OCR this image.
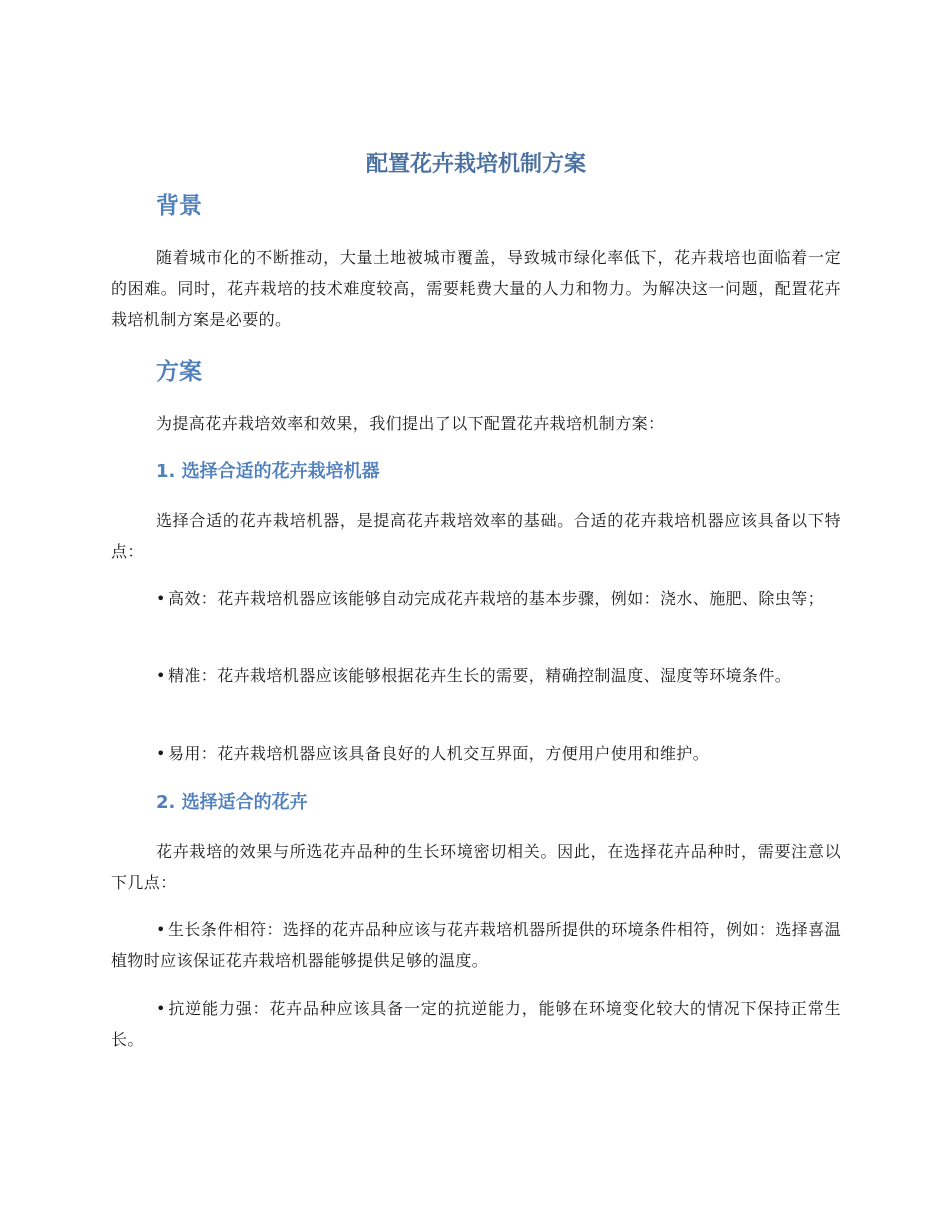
配置花卉栽培机制方案
背景

随着城市化的不断推动，大量土地被城市覆盖，导致城市绿化率低下，花卉栽培也面临着一定的困难。同时，花卉栽培的技术难度较高，需要耗费大量的人力和物力。为解决这一问题，配置花卉栽培机制方案是必要的。

方案

为提高花卉栽培效率和效果，我们提出了以下配置花卉栽培机制方案：

1. 选择合适的花卉栽培机器

选择合适的花卉栽培机器，是提高花卉栽培效率的基础。合适的花卉栽培机器应该具备以下特点：

• 高效：花卉栽培机器应该能够自动完成花卉栽培的基本步骤，例如：浇水、施肥、除虫等；

• 精准：花卉栽培机器应该能够根据花卉生长的需要，精确控制温度、湿度等环境条件。

• 易用：花卉栽培机器应该具备良好的人机交互界面，方便用户使用和维护。

2. 选择适合的花卉

花卉栽培的效果与所选花卉品种的生长环境密切相关。因此，在选择花卉品种时，需要注意以下几点：

• 生长条件相符：选择的花卉品种应该与花卉栽培机器所提供的环境条件相符，例如：选择喜温植物时应该保证花卉栽培机器能够提供足够的温度。

• 抗逆能力强：花卉品种应该具备一定的抗逆能力，能够在环境变化较大的情况下保持正常生长。
